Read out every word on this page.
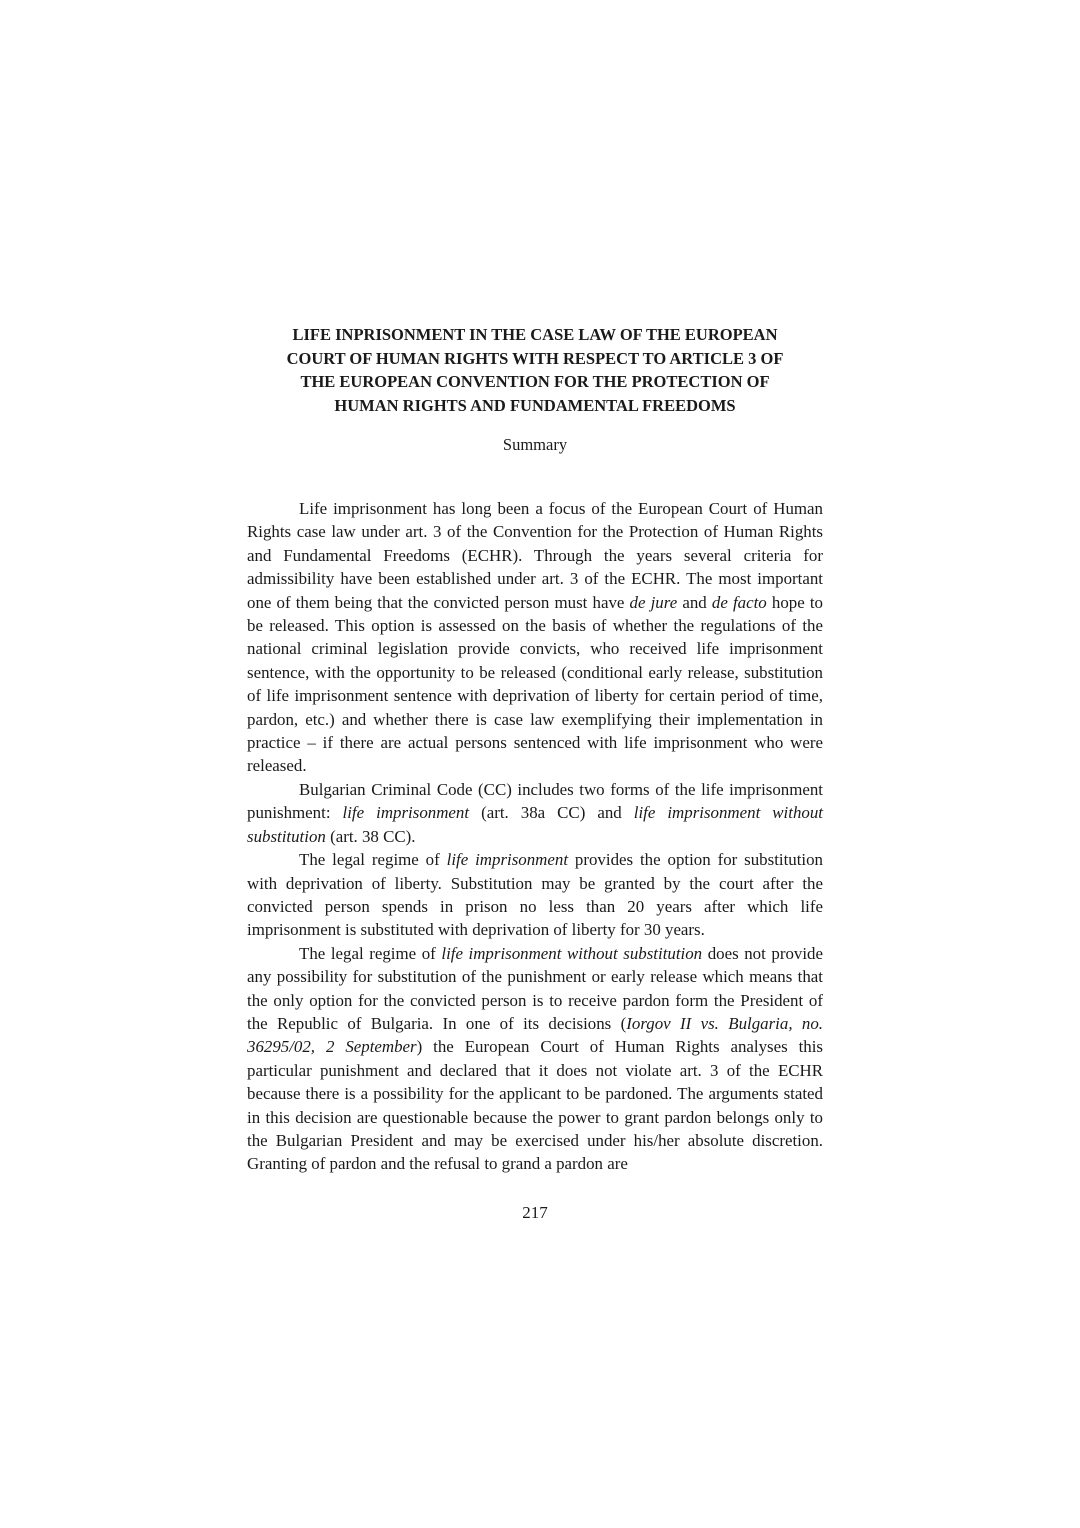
LIFE INPRISONMENT IN THE CASE LAW OF THE EUROPEAN
COURT OF HUMAN RIGHTS WITH RESPECT TO ARTICLE 3 OF
THE EUROPEAN CONVENTION FOR THE PROTECTION OF
HUMAN RIGHTS AND FUNDAMENTAL FREEDOMS

Summary

Life imprisonment has long been a focus of the European Court of Human Rights case law under art. 3 of the Convention for the Protection of Human Rights and Fundamental Freedoms (ECHR). Through the years several criteria for admissibility have been established under art. 3 of the ECHR. The most important one of them being that the convicted person must have de jure and de facto hope to be released. This option is assessed on the basis of whether the regulations of the national criminal legislation provide convicts, who received life imprisonment sentence, with the opportunity to be released (conditional early release, substitution of life imprisonment sentence with deprivation of liberty for certain period of time, pardon, etc.) and whether there is case law exemplifying their implementation in practice – if there are actual persons sentenced with life imprisonment who were released.

Bulgarian Criminal Code (CC) includes two forms of the life imprisonment punishment: life imprisonment (art. 38a CC) and life imprisonment without substitution (art. 38 CC).

The legal regime of life imprisonment provides the option for substitution with deprivation of liberty. Substitution may be granted by the court after the convicted person spends in prison no less than 20 years after which life imprisonment is substituted with deprivation of liberty for 30 years.

The legal regime of life imprisonment without substitution does not provide any possibility for substitution of the punishment or early release which means that the only option for the convicted person is to receive pardon form the President of the Republic of Bulgaria. In one of its decisions (Iorgov II vs. Bulgaria, no. 36295/02, 2 September) the European Court of Human Rights analyses this particular punishment and declared that it does not violate art. 3 of the ECHR because there is a possibility for the applicant to be pardoned. The arguments stated in this decision are questionable because the power to grant pardon belongs only to the Bulgarian President and may be exercised under his/her absolute discretion. Granting of pardon and the refusal to grand a pardon are

217
